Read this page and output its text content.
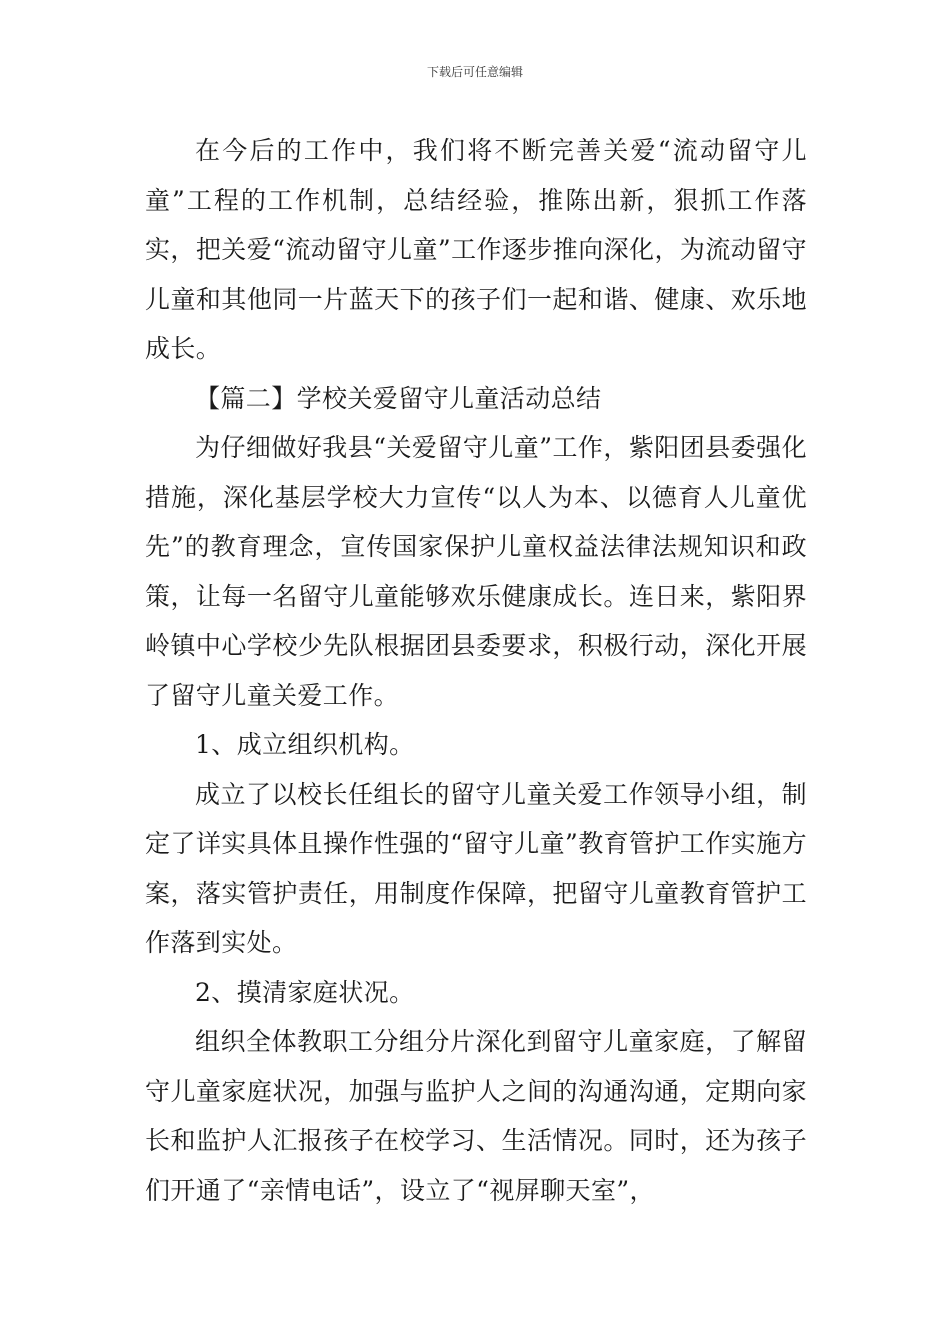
下载后可任意编辑

在今后的工作中，我们将不断完善关爱“流动留守儿童”工程的工作机制，总结经验，推陈出新，狠抓工作落实，把关爱“流动留守儿童”工作逐步推向深化，为流动留守儿童和其他同一片蓝天下的孩子们一起和谐、健康、欢乐地成长。

【篇二】学校关爱留守儿童活动总结

为仔细做好我县“关爱留守儿童”工作，紫阳团县委强化措施，深化基层学校大力宣传“以人为本、以德育人儿童优先”的教育理念，宣传国家保护儿童权益法律法规知识和政策，让每一名留守儿童能够欢乐健康成长。连日来，紫阳界岭镇中心学校少先队根据团县委要求，积极行动，深化开展了留守儿童关爱工作。

1、成立组织机构。

成立了以校长任组长的留守儿童关爱工作领导小组，制定了详实具体且操作性强的“留守儿童”教育管护工作实施方案，落实管护责任，用制度作保障，把留守儿童教育管护工作落到实处。

2、摸清家庭状况。

组织全体教职工分组分片深化到留守儿童家庭，了解留守儿童家庭状况，加强与监护人之间的沟通沟通，定期向家长和监护人汇报孩子在校学习、生活情况。同时，还为孩子们开通了“亲情电话”，设立了“视屏聊天室”，
